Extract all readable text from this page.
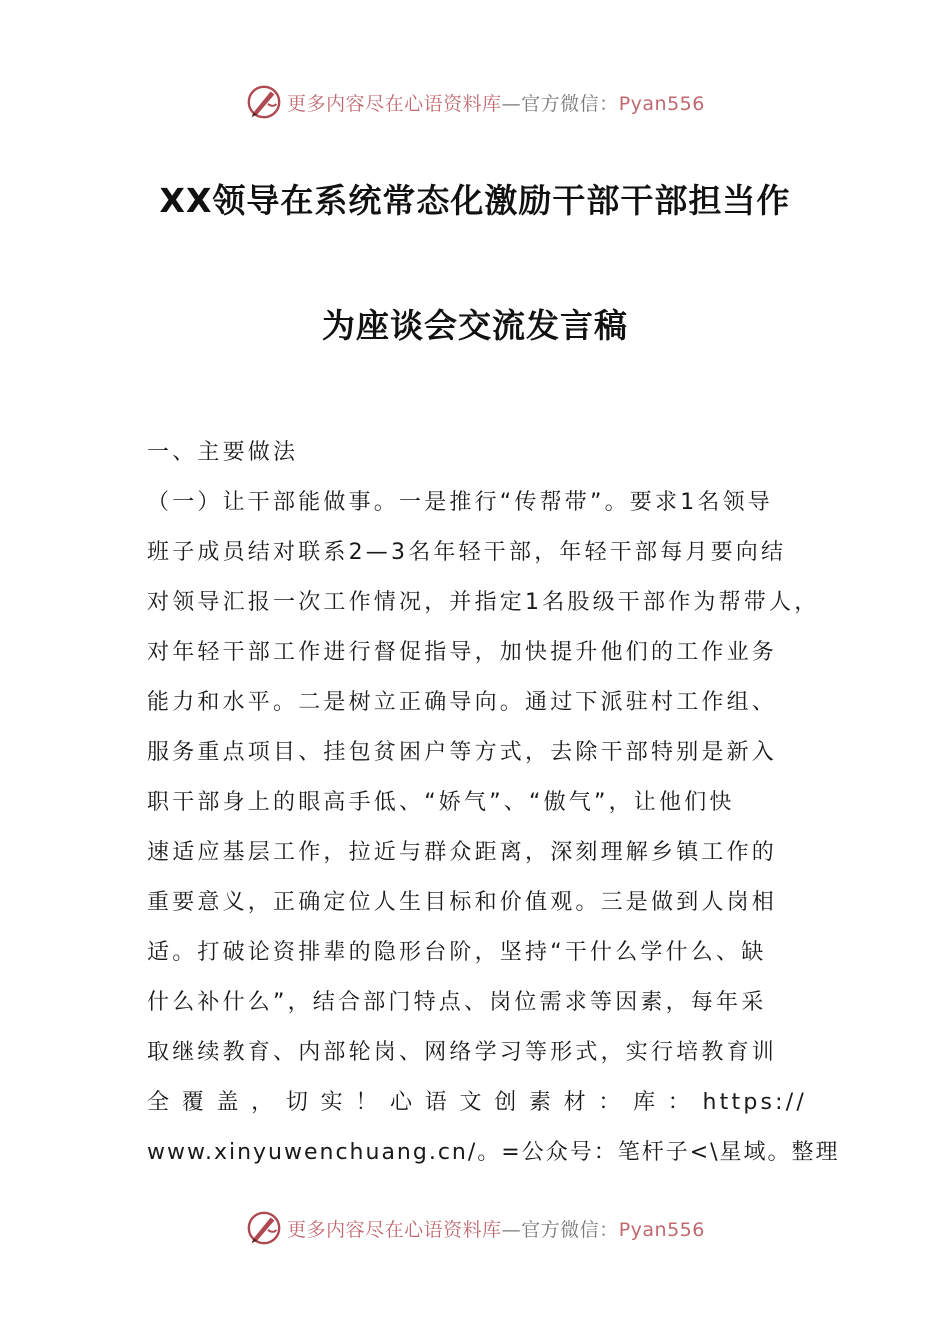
更多内容尽在心语资料库—官方微信：Pyan556
XX领导在系统常态化激励干部干部担当作
为座谈会交流发言稿
一、主要做法
（一）让干部能做事。一是推行“传帮带”。要求1名领导
班子成员结对联系2—3名年轻干部，年轻干部每月要向结
对领导汇报一次工作情况，并指定1名股级干部作为帮带人，
对年轻干部工作进行督促指导，加快提升他们的工作业务
能力和水平。二是树立正确导向。通过下派驻村工作组、
服务重点项目、挂包贫困户等方式，去除干部特别是新入
职干部身上的眼高手低、“娇气”、“傲气”，让他们快
速适应基层工作，拉近与群众距离，深刻理解乡镇工作的
重要意义，正确定位人生目标和价值观。三是做到人岗相
适。打破论资排辈的隐形台阶，坚持“干什么学什么、缺
什么补什么”，结合部门特点、岗位需求等因素，每年采
取继续教育、内部轮岗、网络学习等形式，实行培教育训
全覆盖，切实！心语文创素材：库：https://
www.xinyuwenchuang.cn/。=公众号：笔杆子<\星域。整理
更多内容尽在心语资料库—官方微信：Pyan556
